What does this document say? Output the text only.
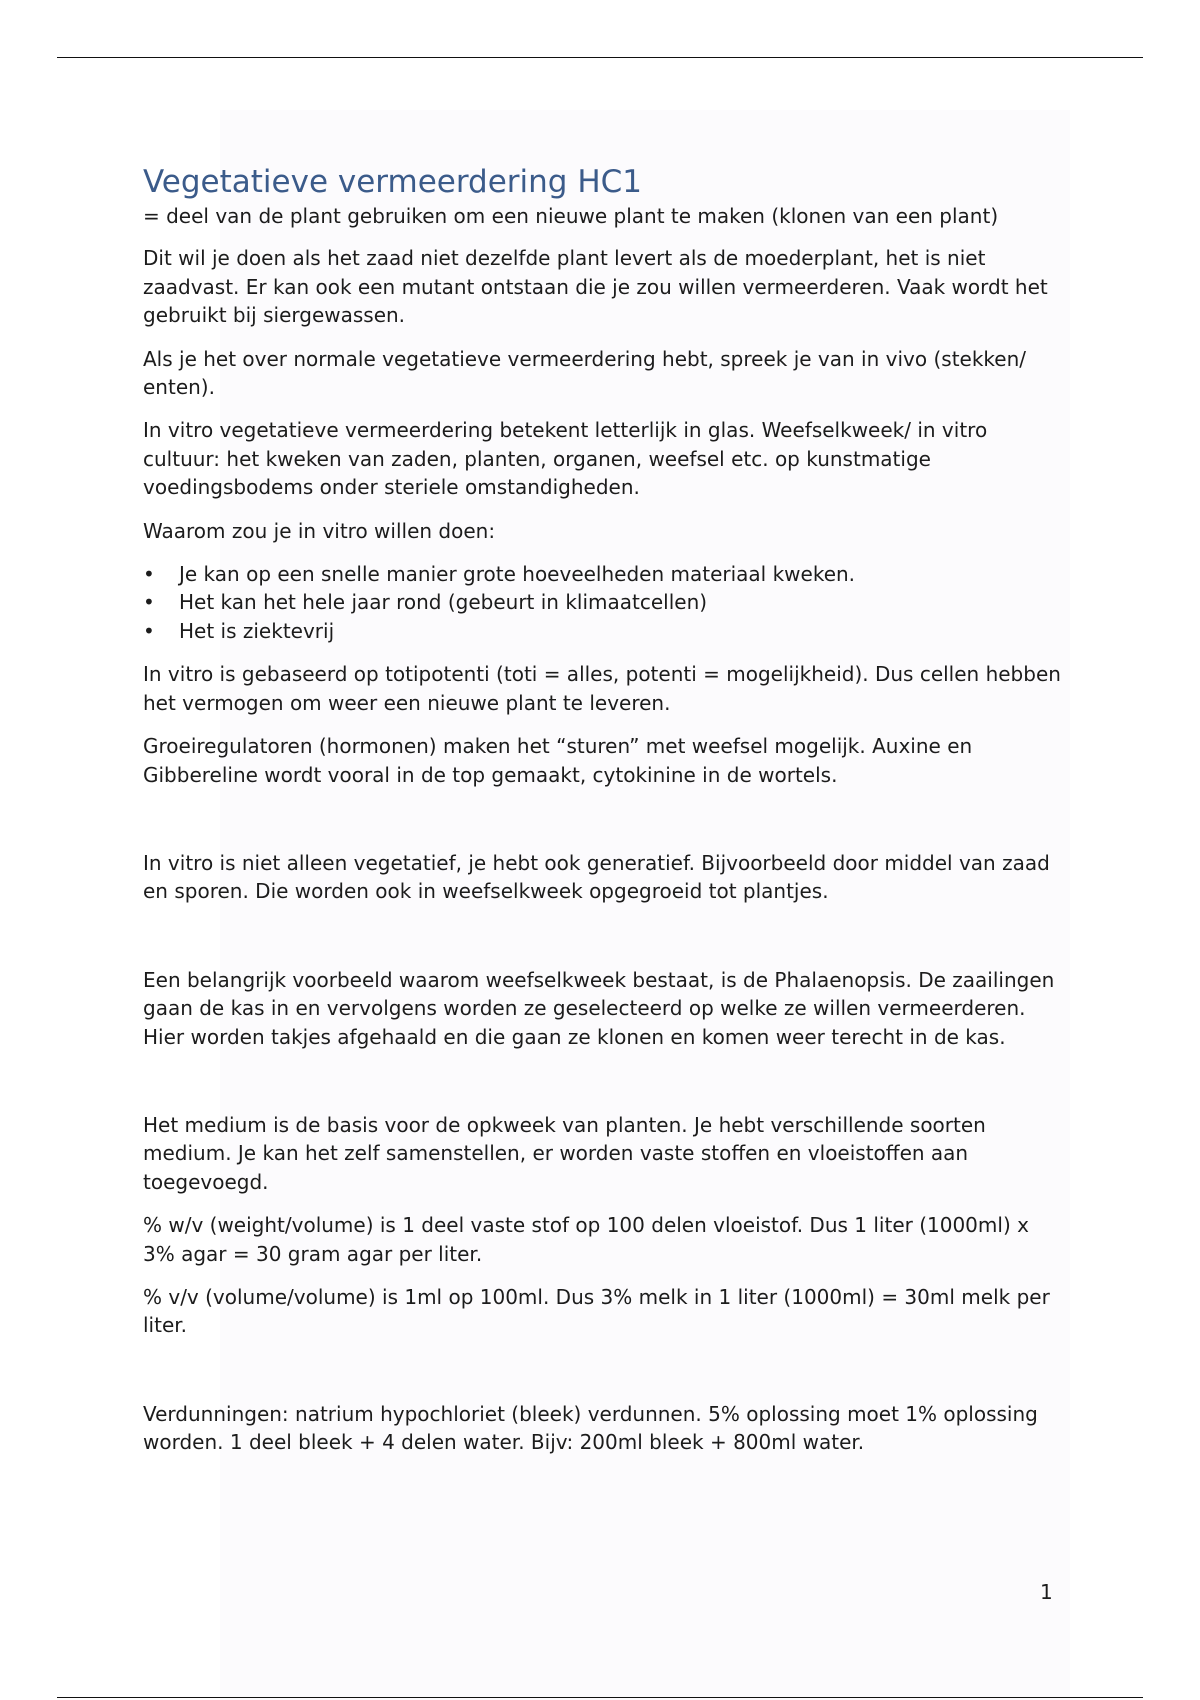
Vegetatieve vermeerdering HC1

= deel van de plant gebruiken om een nieuwe plant te maken (klonen van een plant)

Dit wil je doen als het zaad niet dezelfde plant levert als de moederplant, het is niet zaadvast. Er kan ook een mutant ontstaan die je zou willen vermeerderen. Vaak wordt het gebruikt bij siergewassen.

Als je het over normale vegetatieve vermeerdering hebt, spreek je van in vivo (stekken/ enten).

In vitro vegetatieve vermeerdering betekent letterlijk in glas. Weefselkweek/ in vitro cultuur: het kweken van zaden, planten, organen, weefsel etc. op kunstmatige voedingsbodems onder steriele omstandigheden.

Waarom zou je in vitro willen doen:

• Je kan op een snelle manier grote hoeveelheden materiaal kweken.
• Het kan het hele jaar rond (gebeurt in klimaatcellen)
• Het is ziektevrij

In vitro is gebaseerd op totipotenti (toti = alles, potenti = mogelijkheid). Dus cellen hebben het vermogen om weer een nieuwe plant te leveren.

Groeiregulatoren (hormonen) maken het “sturen” met weefsel mogelijk. Auxine en Gibbereline wordt vooral in de top gemaakt, cytokinine in de wortels.

In vitro is niet alleen vegetatief, je hebt ook generatief. Bijvoorbeeld door middel van zaad en sporen. Die worden ook in weefselkweek opgegroeid tot plantjes.

Een belangrijk voorbeeld waarom weefselkweek bestaat, is de Phalaenopsis. De zaailingen gaan de kas in en vervolgens worden ze geselecteerd op welke ze willen vermeerderen. Hier worden takjes afgehaald en die gaan ze klonen en komen weer terecht in de kas.

Het medium is de basis voor de opkweek van planten. Je hebt verschillende soorten medium. Je kan het zelf samenstellen, er worden vaste stoffen en vloeistoffen aan toegevoegd.

% w/v (weight/volume) is 1 deel vaste stof op 100 delen vloeistof. Dus 1 liter (1000ml) x 3% agar = 30 gram agar per liter.

% v/v (volume/volume) is 1ml op 100ml. Dus 3% melk in 1 liter (1000ml) = 30ml melk per liter.

Verdunningen: natrium hypochloriet (bleek) verdunnen. 5% oplossing moet 1% oplossing worden. 1 deel bleek + 4 delen water. Bijv: 200ml bleek + 800ml water.

1
